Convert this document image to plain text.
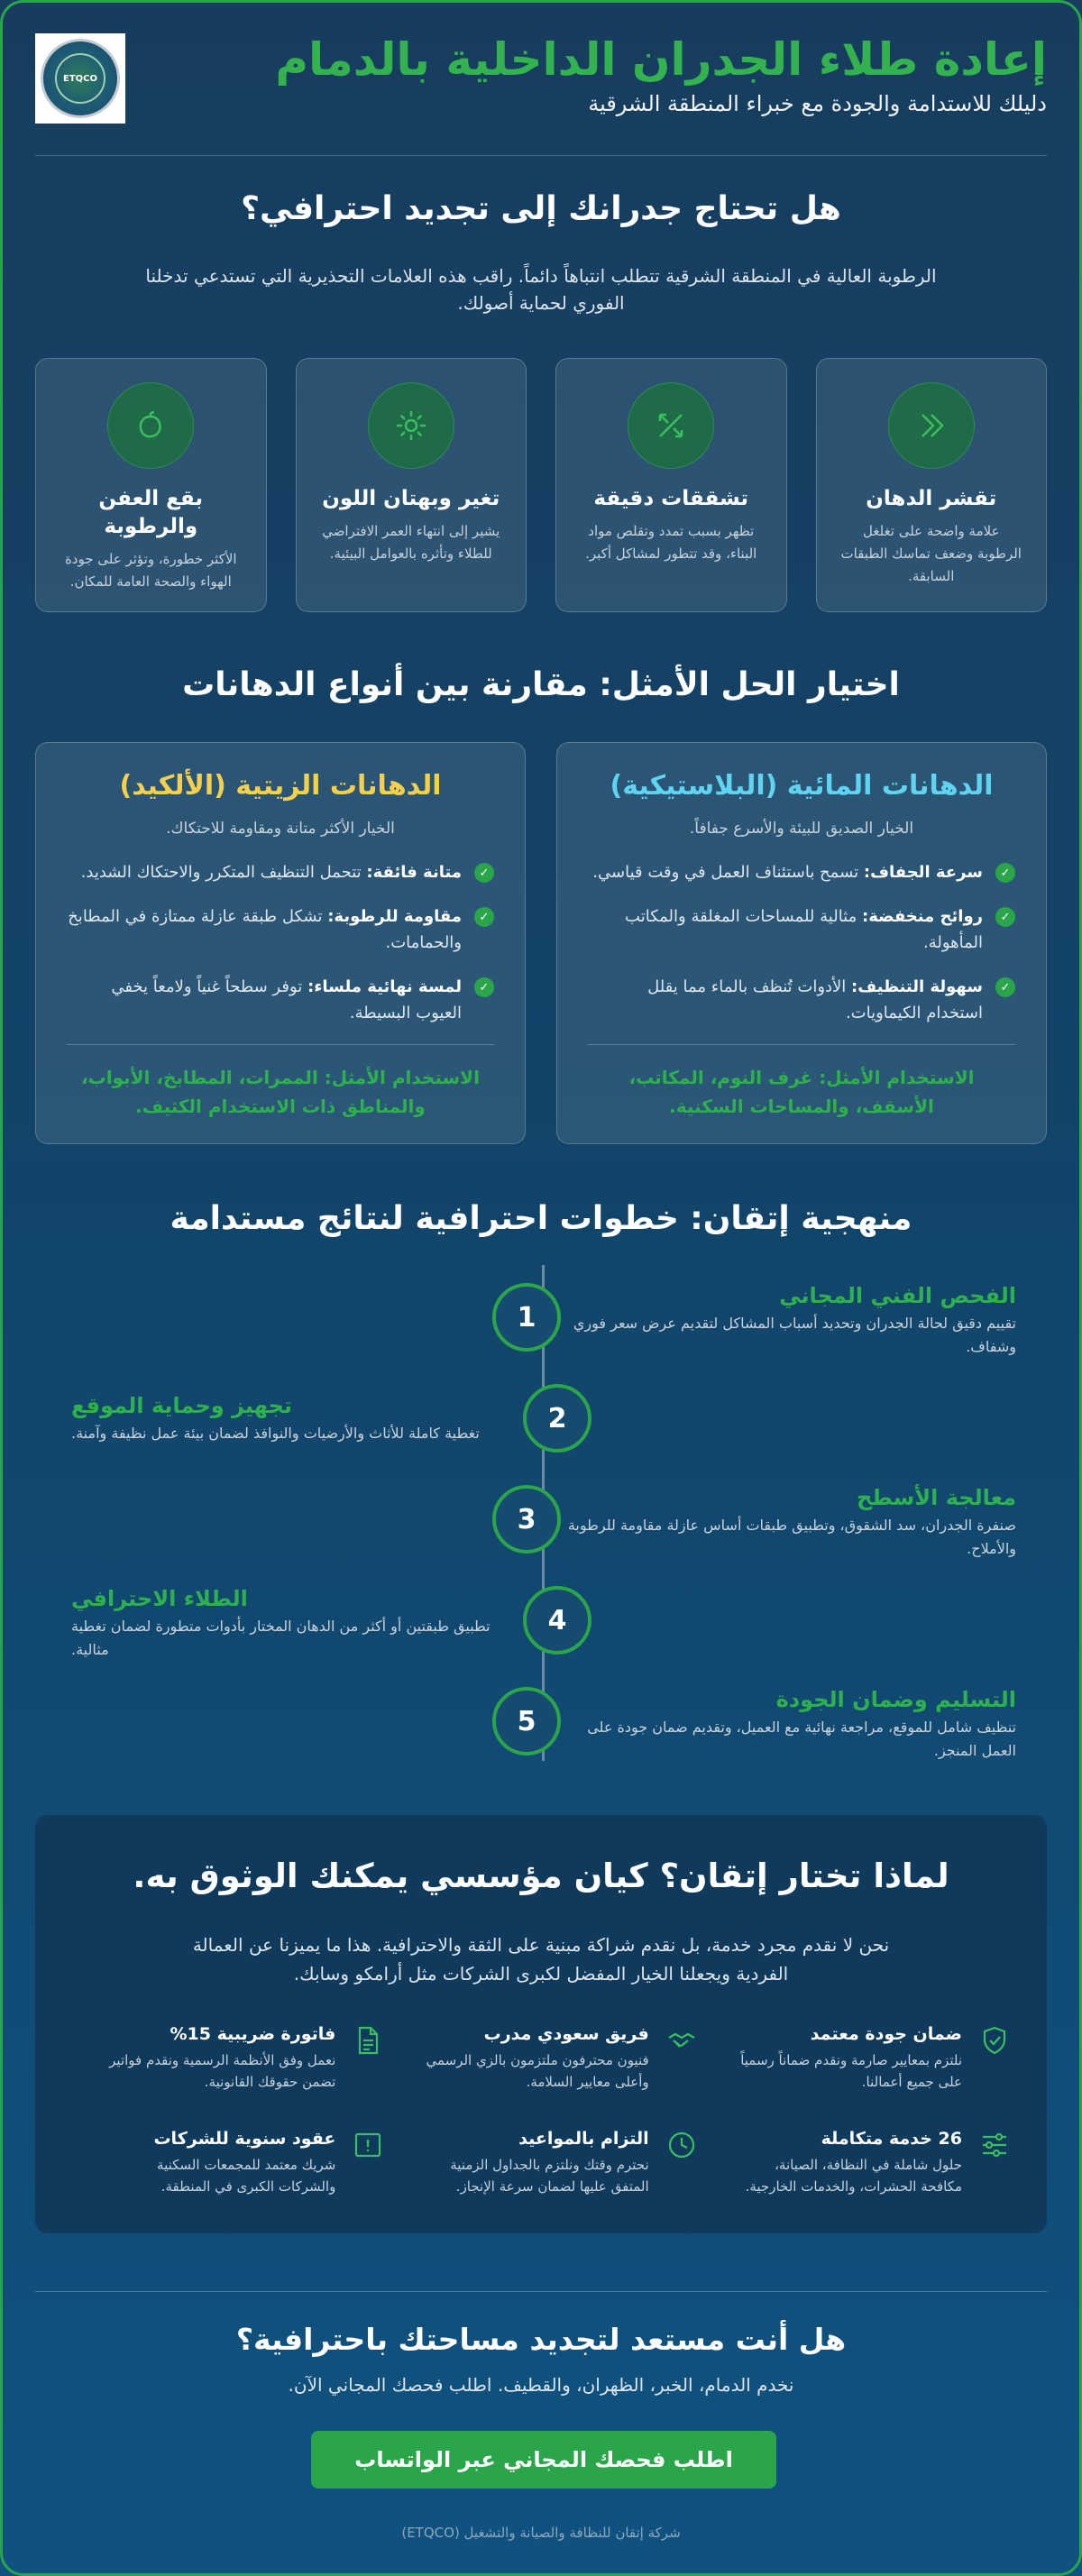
إعادة طلاء الجدران الداخلية بالدمام
دليلك للاستدامة والجودة مع خبراء المنطقة الشرقية
ETQCO
هل تحتاج جدرانك إلى تجديد احترافي؟
الرطوبة العالية في المنطقة الشرقية تتطلب انتباهاً دائماً. راقب هذه العلامات التحذيرية التي تستدعي تدخلنا الفوري لحماية أصولك.
تقشر الدهان
علامة واضحة على تغلغل الرطوبة وضعف تماسك الطبقات السابقة.
تشققات دقيقة
تظهر بسبب تمدد وتقلص مواد البناء، وقد تتطور لمشاكل أكبر.
تغير وبهتان اللون
يشير إلى انتهاء العمر الافتراضي للطلاء وتأثره بالعوامل البيئية.
بقع العفن والرطوبة
الأكثر خطورة، وتؤثر على جودة الهواء والصحة العامة للمكان.
اختيار الحل الأمثل: مقارنة بين أنواع الدهانات
الدهانات المائية (البلاستيكية)
الخيار الصديق للبيئة والأسرع جفافاً.
✓
سرعة الجفاف: تسمح باستئناف العمل في وقت قياسي.
✓
روائح منخفضة: مثالية للمساحات المغلقة والمكاتب المأهولة.
✓
سهولة التنظيف: الأدوات تُنظف بالماء مما يقلل استخدام الكيماويات.
الاستخدام الأمثل: غرف النوم، المكاتب، الأسقف، والمساحات السكنية.
الدهانات الزيتية (الألكيد)
الخيار الأكثر متانة ومقاومة للاحتكاك.
✓
متانة فائقة: تتحمل التنظيف المتكرر والاحتكاك الشديد.
✓
مقاومة للرطوبة: تشكل طبقة عازلة ممتازة في المطابخ والحمامات.
✓
لمسة نهائية ملساء: توفر سطحاً غنياً ولامعاً يخفي العيوب البسيطة.
الاستخدام الأمثل: الممرات، المطابخ، الأبواب، والمناطق ذات الاستخدام الكثيف.
منهجية إتقان: خطوات احترافية لنتائج مستدامة
1
الفحص الفني المجاني
تقييم دقيق لحالة الجدران وتحديد أسباب المشاكل لتقديم عرض سعر فوري وشفاف.
2
تجهيز وحماية الموقع
تغطية كاملة للأثاث والأرضيات والنوافذ لضمان بيئة عمل نظيفة وآمنة.
3
معالجة الأسطح
صنفرة الجدران، سد الشقوق، وتطبيق طبقات أساس عازلة مقاومة للرطوبة والأملاح.
4
الطلاء الاحترافي
تطبيق طبقتين أو أكثر من الدهان المختار بأدوات متطورة لضمان تغطية مثالية.
5
التسليم وضمان الجودة
تنظيف شامل للموقع، مراجعة نهائية مع العميل، وتقديم ضمان جودة على العمل المنجز.
لماذا تختار إتقان؟ كيان مؤسسي يمكنك الوثوق به.
نحن لا نقدم مجرد خدمة، بل نقدم شراكة مبنية على الثقة والاحترافية. هذا ما يميزنا عن العمالة الفردية ويجعلنا الخيار المفضل لكبرى الشركات مثل أرامكو وسابك.
ضمان جودة معتمد
نلتزم بمعايير صارمة ونقدم ضماناً رسمياً على جميع أعمالنا.
فريق سعودي مدرب
فنيون محترفون ملتزمون بالزي الرسمي وأعلى معايير السلامة.
فاتورة ضريبية 15%
نعمل وفق الأنظمة الرسمية ونقدم فواتير تضمن حقوقك القانونية.
26 خدمة متكاملة
حلول شاملة في النظافة، الصيانة، مكافحة الحشرات، والخدمات الخارجية.
التزام بالمواعيد
نحترم وقتك ونلتزم بالجداول الزمنية المتفق عليها لضمان سرعة الإنجاز.
عقود سنوية للشركات
شريك معتمد للمجمعات السكنية والشركات الكبرى في المنطقة.
هل أنت مستعد لتجديد مساحتك باحترافية؟
نخدم الدمام، الخبر، الظهران، والقطيف. اطلب فحصك المجاني الآن.
اطلب فحصك المجاني عبر الواتساب
شركة إتقان للنظافة والصيانة والتشغيل (ETQCO)
